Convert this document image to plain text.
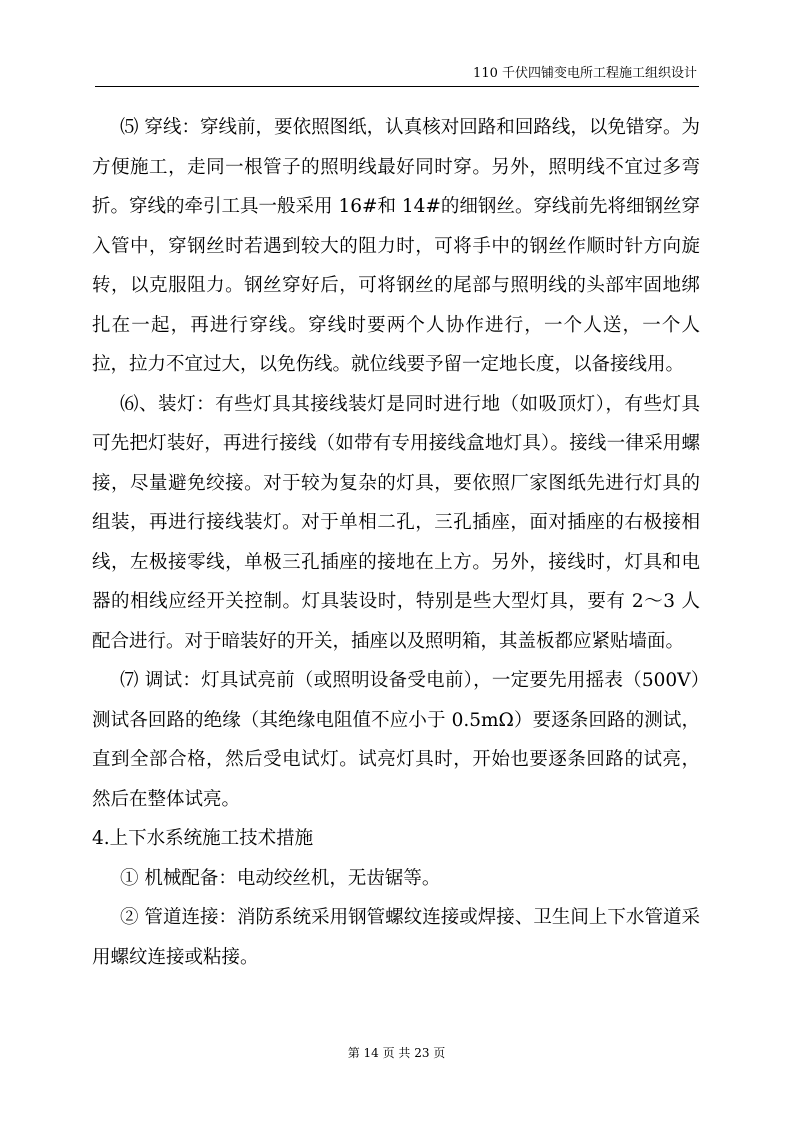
110 千伏四铺变电所工程施工组织设计

⑸ 穿线：穿线前，要依照图纸，认真核对回路和回路线，以免错穿。为方便施工，走同一根管子的照明线最好同时穿。另外，照明线不宜过多弯折。穿线的牵引工具一般采用 16#和 14#的细钢丝。穿线前先将细钢丝穿入管中，穿钢丝时若遇到较大的阻力时，可将手中的钢丝作顺时针方向旋转，以克服阻力。钢丝穿好后，可将钢丝的尾部与照明线的头部牢固地绑扎在一起，再进行穿线。穿线时要两个人协作进行，一个人送，一个人拉，拉力不宜过大，以免伤线。就位线要予留一定地长度，以备接线用。

⑹、装灯：有些灯具其接线装灯是同时进行地（如吸顶灯），有些灯具可先把灯装好，再进行接线（如带有专用接线盒地灯具）。接线一律采用螺接，尽量避免绞接。对于较为复杂的灯具，要依照厂家图纸先进行灯具的组装，再进行接线装灯。对于单相二孔，三孔插座，面对插座的右极接相线，左极接零线，单极三孔插座的接地在上方。另外，接线时，灯具和电器的相线应经开关控制。灯具装设时，特别是些大型灯具，要有 2～3 人配合进行。对于暗装好的开关，插座以及照明箱，其盖板都应紧贴墙面。

⑺ 调试：灯具试亮前（或照明设备受电前），一定要先用摇表（500V）测试各回路的绝缘（其绝缘电阻值不应小于 0.5mΩ）要逐条回路的测试，直到全部合格，然后受电试灯。试亮灯具时，开始也要逐条回路的试亮，然后在整体试亮。

4.上下水系统施工技术措施

① 机械配备：电动绞丝机，无齿锯等。

② 管道连接：消防系统采用钢管螺纹连接或焊接、卫生间上下水管道采用螺纹连接或粘接。

第 14 页 共 23 页
